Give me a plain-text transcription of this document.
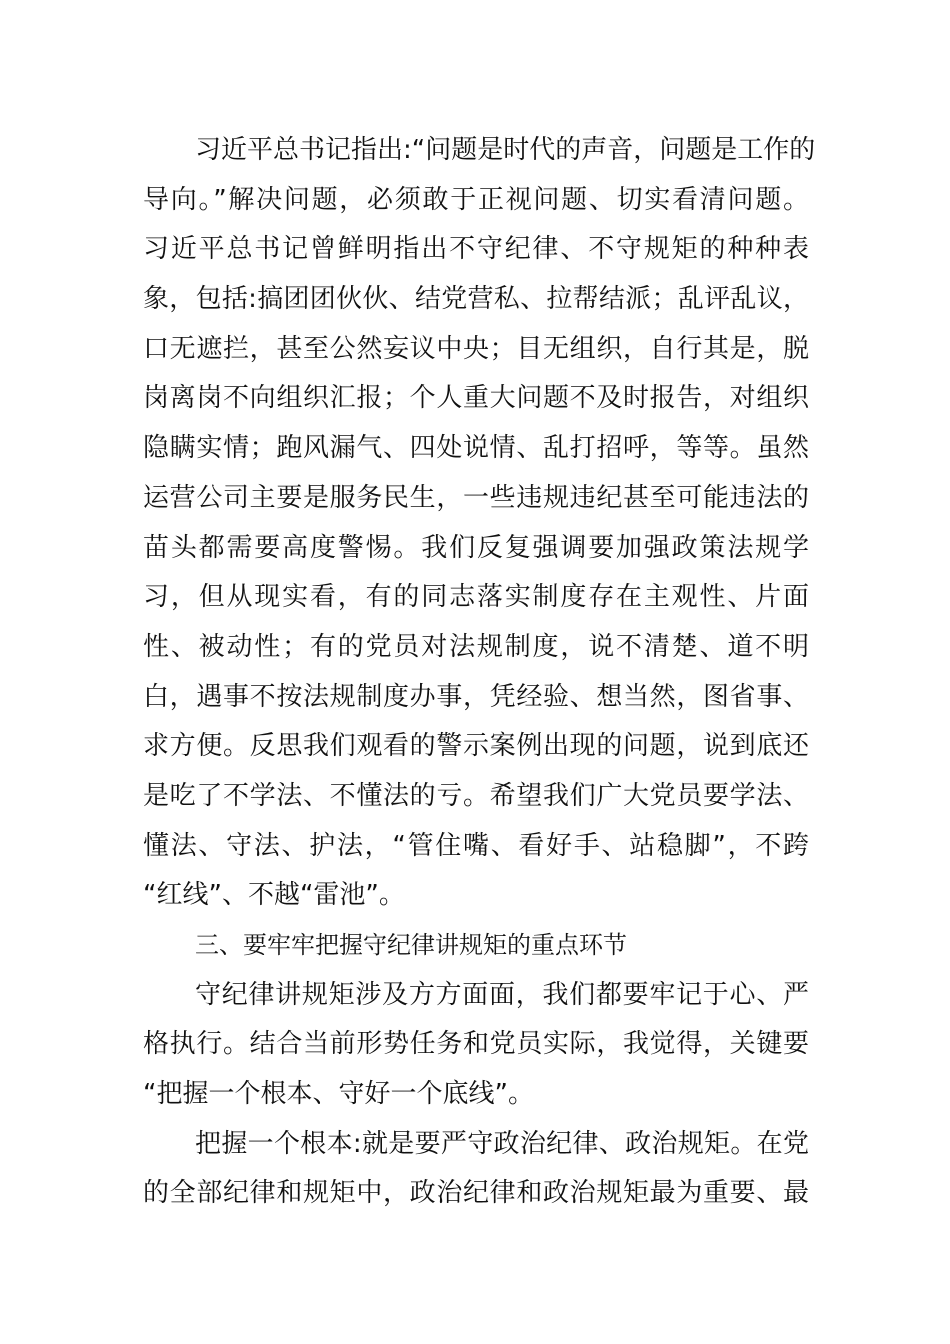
习近平总书记指出:“问题是时代的声音，问题是工作的
导向。”解决问题，必须敢于正视问题、切实看清问题。
习近平总书记曾鲜明指出不守纪律、不守规矩的种种表
象，包括:搞团团伙伙、结党营私、拉帮结派；乱评乱议，
口无遮拦，甚至公然妄议中央；目无组织，自行其是，脱
岗离岗不向组织汇报；个人重大问题不及时报告，对组织
隐瞒实情；跑风漏气、四处说情、乱打招呼，等等。虽然
运营公司主要是服务民生，一些违规违纪甚至可能违法的
苗头都需要高度警惕。我们反复强调要加强政策法规学
习，但从现实看，有的同志落实制度存在主观性、片面
性、被动性；有的党员对法规制度，说不清楚、道不明
白，遇事不按法规制度办事，凭经验、想当然，图省事、
求方便。反思我们观看的警示案例出现的问题，说到底还
是吃了不学法、不懂法的亏。希望我们广大党员要学法、
懂法、守法、护法，“管住嘴、看好手、站稳脚”，不跨
“红线”、不越“雷池”。
三、要牢牢把握守纪律讲规矩的重点环节
守纪律讲规矩涉及方方面面，我们都要牢记于心、严
格执行。结合当前形势任务和党员实际，我觉得，关键要
“把握一个根本、守好一个底线”。
把握一个根本:就是要严守政治纪律、政治规矩。在党
的全部纪律和规矩中，政治纪律和政治规矩最为重要、最
